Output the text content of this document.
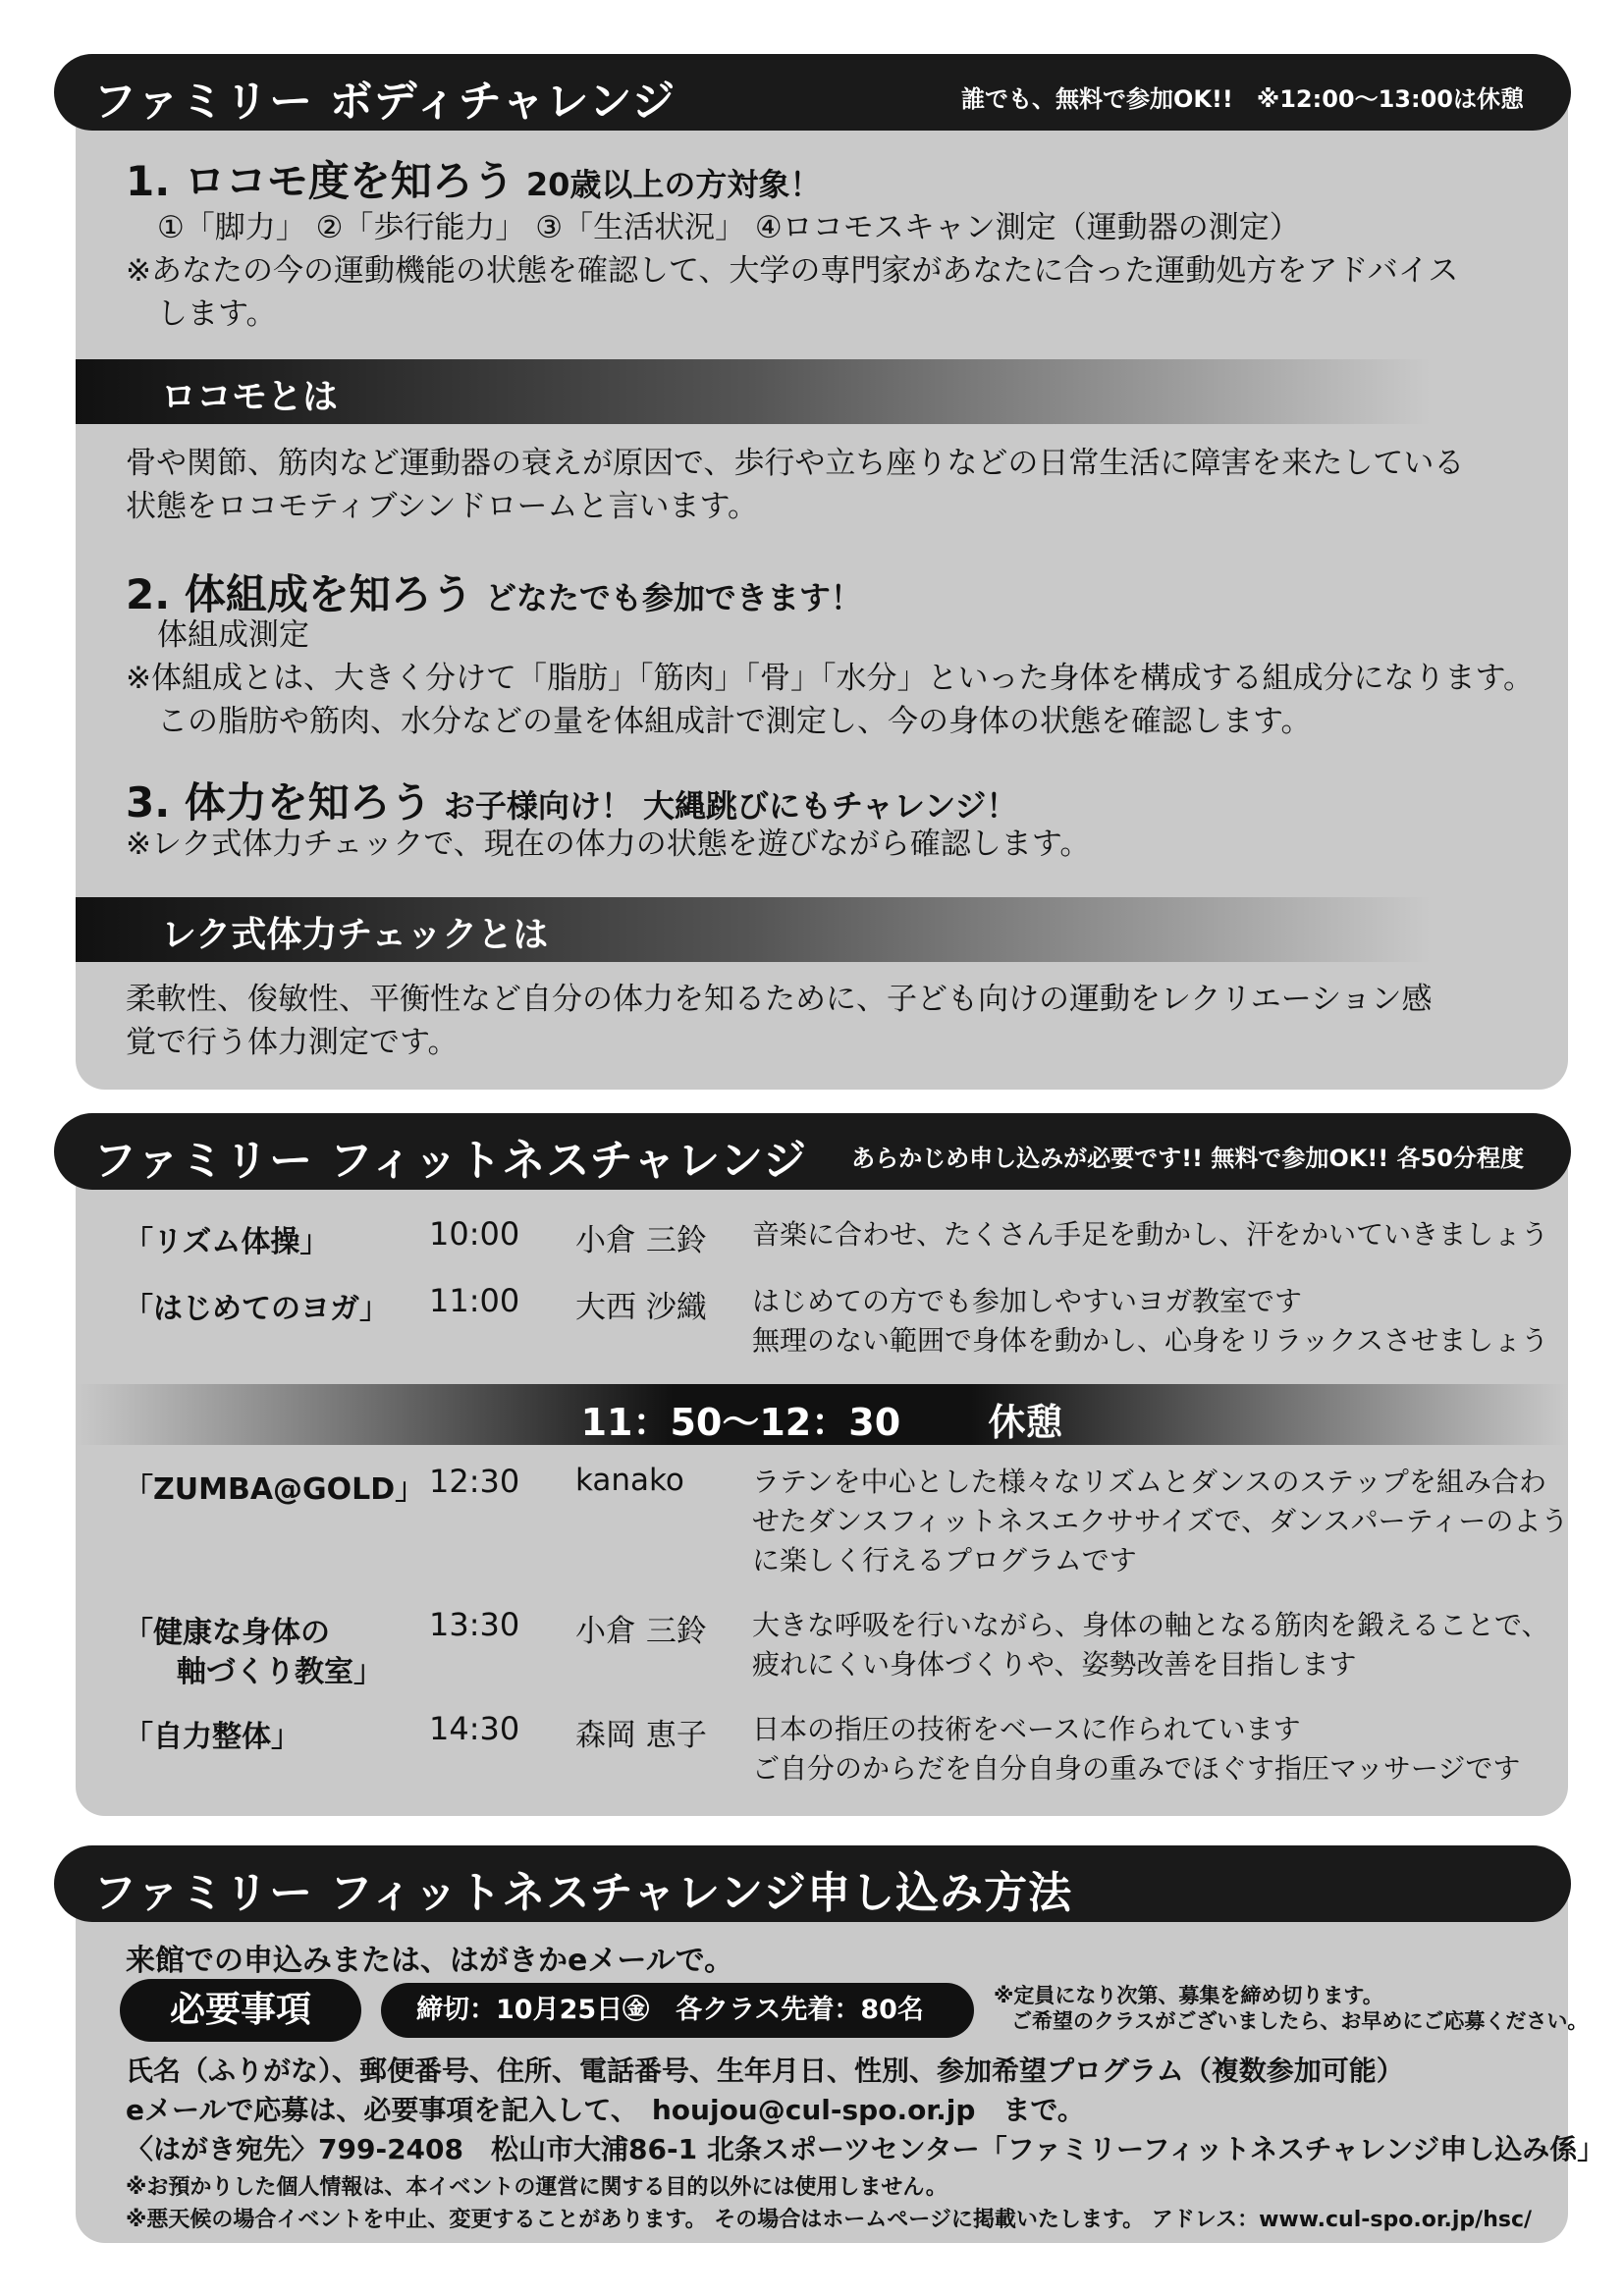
ファミリー ボディチャレンジ	誰でも、無料で参加OK!!　※12:00～13:00は休憩
1. ロコモ度を知ろう 20歳以上の方対象！
①「脚力」 ②「歩行能力」 ③「生活状況」 ④ロコモスキャン測定（運動器の測定）
※あなたの今の運動機能の状態を確認して、大学の専門家があなたに合った運動処方をアドバイス
します。
ロコモとは
骨や関節、筋肉など運動器の衰えが原因で、歩行や立ち座りなどの日常生活に障害を来たしている
状態をロコモティブシンドロームと言います。
2. 体組成を知ろう どなたでも参加できます！
体組成測定
※体組成とは、大きく分けて「脂肪」「筋肉」「骨」「水分」といった身体を構成する組成分になります。
この脂肪や筋肉、水分などの量を体組成計で測定し、今の身体の状態を確認します。
3. 体力を知ろう お子様向け！ 大縄跳びにもチャレンジ！
※レク式体力チェックで、現在の体力の状態を遊びながら確認します。
レク式体力チェックとは
柔軟性、俊敏性、平衡性など自分の体力を知るために、子ども向けの運動をレクリエーション感
覚で行う体力測定です。
ファミリー フィットネスチャレンジ あらかじめ申し込みが必要です!! 無料で参加OK!! 各50分程度
「リズム体操」	10:00 小倉 三鈴 音楽に合わせ、たくさん手足を動かし、汗をかいていきましょう
「はじめてのヨガ」 11:00 大西 沙織 はじめての方でも参加しやすいヨガ教室です
無理のない範囲で身体を動かし、心身をリラックスさせましょう
11：50～12：30　　 休憩
「ZUMBA@GOLD」 12:30 kanako ラテンを中心とした様々なリズムとダンスのステップを組み合わ
せたダンスフィットネスエクササイズで、ダンスパーティーのよう
に楽しく行えるプログラムです
「健康な身体の
軸づくり教室」
13:30 小倉 三鈴 大きな呼吸を行いながら、身体の軸となる筋肉を鍛えることで、
疲れにくい身体づくりや、姿勢改善を目指します
「自力整体」	14:30 森岡 恵子 日本の指圧の技術をベースに作られています
ご自分のからだを自分自身の重みでほぐす指圧マッサージです
ファミリー フィットネスチャレンジ申し込み方法
来館での申込みまたは、はがきかeメールで。
必要事項	締切：10月25日㊎　各クラス先着：80名	※定員になり次第、募集を締め切ります。
ご希望のクラスがございましたら、お早めにご応募ください。
氏名（ふりがな）、郵便番号、住所、電話番号、生年月日、性別、参加希望プログラム（複数参加可能）
eメールで応募は、必要事項を記入して、　houjou@cul-spo.or.jp　まで。
〈はがき宛先〉799-2408　松山市大浦86-1 北条スポーツセンター「ファミリーフィットネスチャレンジ申し込み係」
※お預かりした個人情報は、本イベントの運営に関する目的以外には使用しません。
※悪天候の場合イベントを中止、変更することがあります。 その場合はホームページに掲載いたします。 アドレス：www.cul-spo.or.jp/hsc/
